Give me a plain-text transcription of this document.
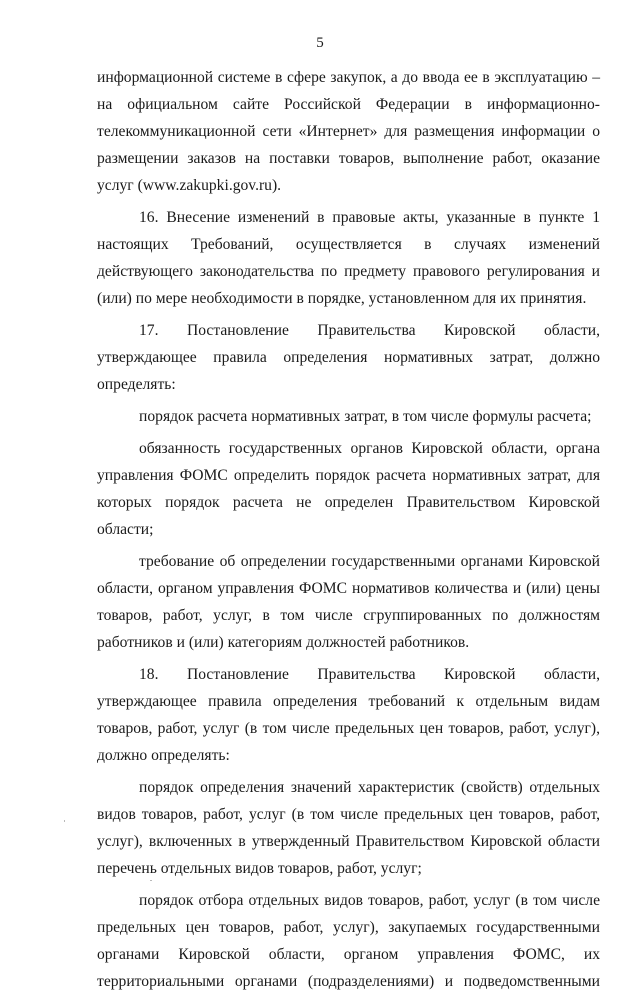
5

информационной системе в сфере закупок, а до ввода ее в эксплуатацию – на официальном сайте Российской Федерации в информационно-телекоммуникационной сети «Интернет» для размещения информации о размещении заказов на поставки товаров, выполнение работ, оказание услуг (www.zakupki.gov.ru).

16. Внесение изменений в правовые акты, указанные в пункте 1 настоящих Требований, осуществляется в случаях изменений действующего законодательства по предмету правового регулирования и (или) по мере необходимости в порядке, установленном для их принятия.

17. Постановление Правительства Кировской области, утверждающее правила определения нормативных затрат, должно определять:

порядок расчета нормативных затрат, в том числе формулы расчета;

обязанность государственных органов Кировской области, органа управления ФОМС определить порядок расчета нормативных затрат, для которых порядок расчета не определен Правительством Кировской области;

требование об определении государственными органами Кировской области, органом управления ФОМС нормативов количества и (или) цены товаров, работ, услуг, в том числе сгруппированных по должностям работников и (или) категориям должностей работников.

18. Постановление Правительства Кировской области, утверждающее правила определения требований к отдельным видам товаров, работ, услуг (в том числе предельных цен товаров, работ, услуг), должно определять:

порядок определения значений характеристик (свойств) отдельных видов товаров, работ, услуг (в том числе предельных цен товаров, работ, услуг), включенных в утвержденный Правительством Кировской области перечень отдельных видов товаров, работ, услуг;

порядок отбора отдельных видов товаров, работ, услуг (в том числе предельных цен товаров, работ, услуг), закупаемых государственными органами Кировской области, органом управления ФОМС, их территориальными органами (подразделениями) и подведомственными
